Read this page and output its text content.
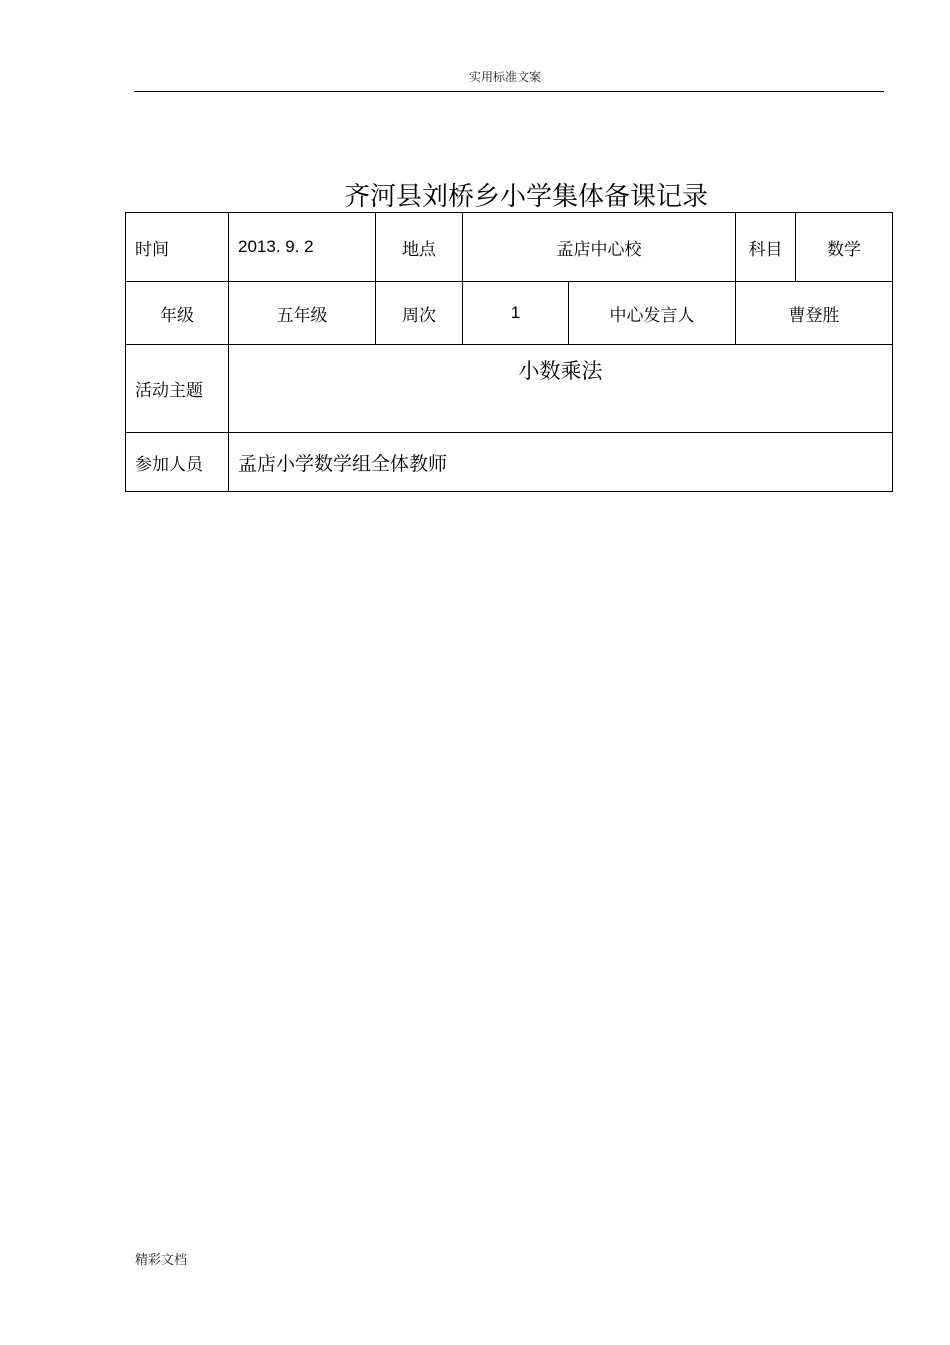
实用标准文案
齐河县刘桥乡小学集体备课记录
时间	2013. 9. 2	地点	孟店中心校		科目	数学
年级	五年级	周次	1	中心发言人	曹登胜	
活动主题	小数乘法					
参加人员	孟店小学数学组全体教师					
精彩文档
